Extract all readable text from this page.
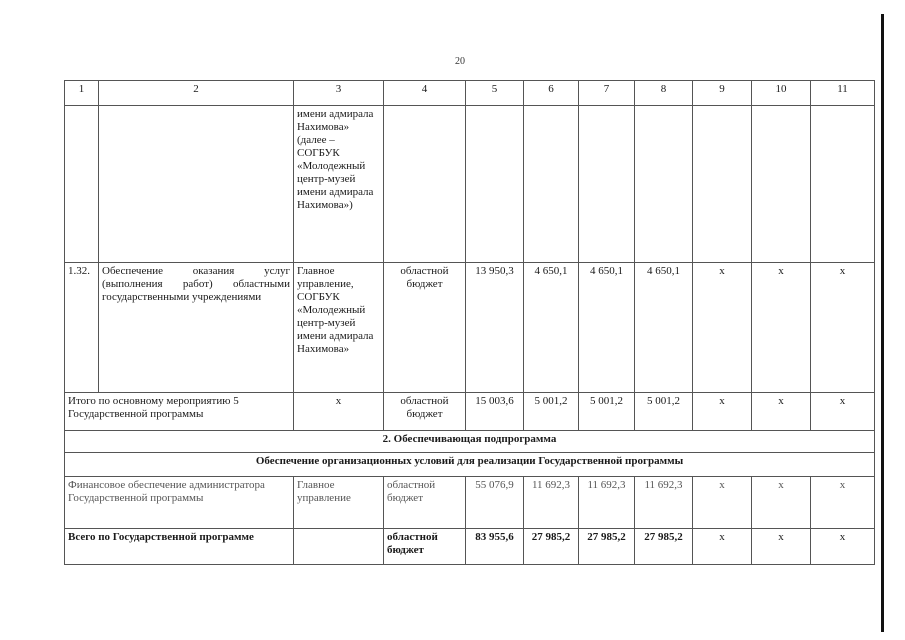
20
1	2	3	4	5	6	7	8	9	10	11
		имени адмирала Нахимова» (далее – СОГБУК «Молодежный центр-музей имени адмирала Нахимова»)								
1.32.	Обеспечение оказания услуг (выполнения работ) областными государственными учреждениями	Главное управление, СОГБУК «Молодежный центр-музей имени адмирала Нахимова»	областной бюджет	13 950,3	4 650,1	4 650,1	4 650,1	х	х	х
Итого по основному мероприятию 5 Государственной программы		х	областной бюджет	15 003,6	5 001,2	5 001,2	5 001,2	х	х	х
2. Обеспечивающая подпрограмма										
Обеспечение организационных условий для реализации Государственной программы										
Финансовое обеспечение администратора Государственной программы		Главное управление	областной бюджет	55 076,9	11 692,3	11 692,3	11 692,3	х	х	х
Всего по Государственной программе			областной бюджет	83 955,6	27 985,2	27 985,2	27 985,2	х	х	х
